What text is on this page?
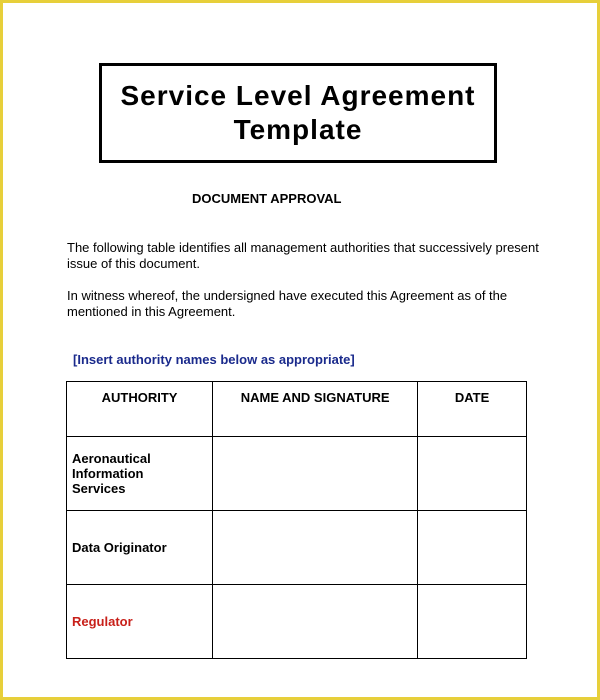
Service Level Agreement
Template
DOCUMENT APPROVAL
The following table identifies all management authorities that successively present issue of this document.
In witness whereof, the undersigned have executed this Agreement as of the mentioned in this Agreement.
[Insert authority names below as appropriate]
AUTHORITY	NAME AND SIGNATURE	DATE

Aeronautical Information Services		

Data Originator		

Regulator		
